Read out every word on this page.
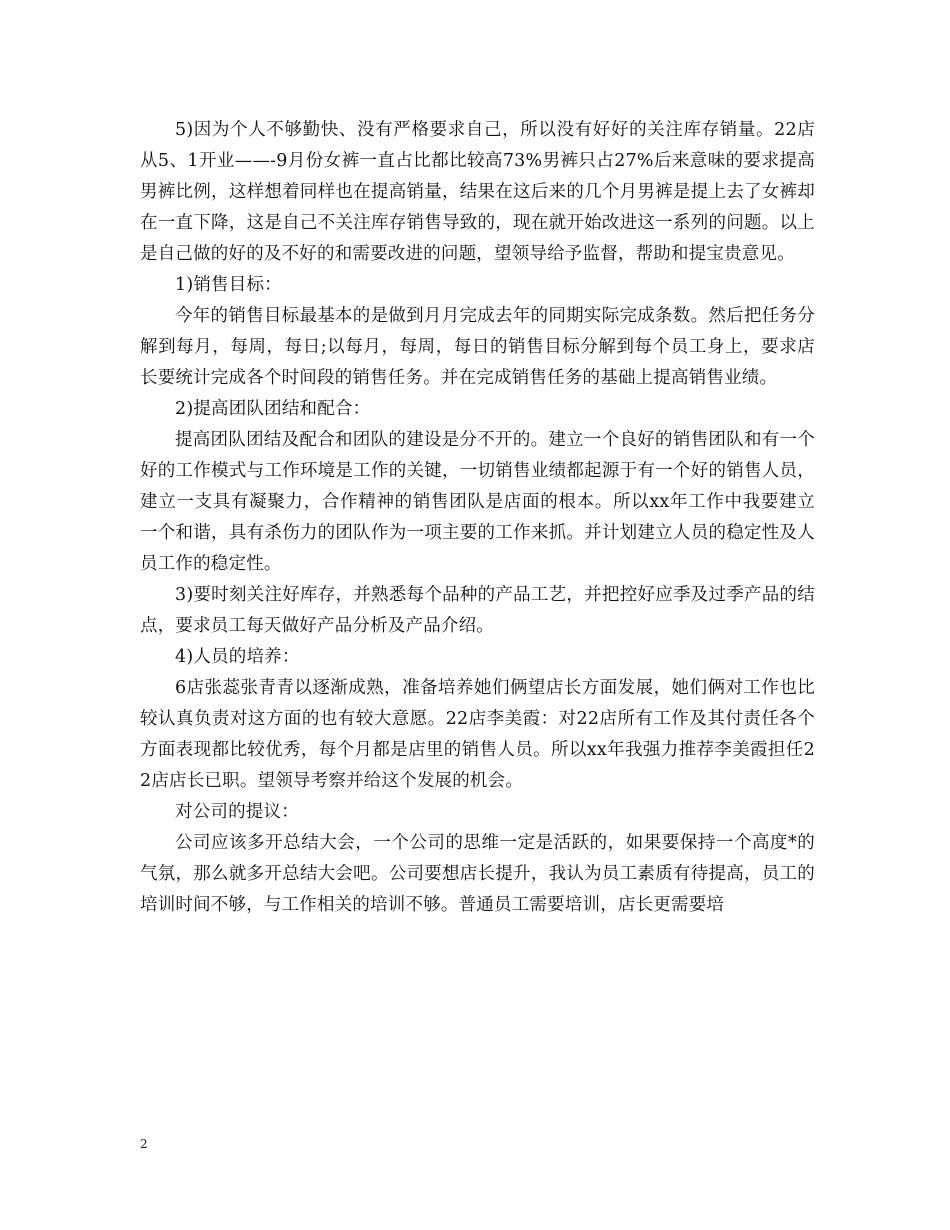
5)因为个人不够勤快、没有严格要求自己，所以没有好好的关注库存销量。22店从5、1开业——-9月份女裤一直占比都比较高73%男裤只占27%后来意味的要求提高男裤比例，这样想着同样也在提高销量，结果在这后来的几个月男裤是提上去了女裤却在一直下降，这是自己不关注库存销售导致的，现在就开始改进这一系列的问题。以上是自己做的好的及不好的和需要改进的问题，望领导给予监督，帮助和提宝贵意见。

1)销售目标：

今年的销售目标最基本的是做到月月完成去年的同期实际完成条数。然后把任务分解到每月，每周，每日;以每月，每周，每日的销售目标分解到每个员工身上，要求店长要统计完成各个时间段的销售任务。并在完成销售任务的基础上提高销售业绩。

2)提高团队团结和配合：

提高团队团结及配合和团队的建设是分不开的。建立一个良好的销售团队和有一个好的工作模式与工作环境是工作的关键，一切销售业绩都起源于有一个好的销售人员，建立一支具有凝聚力，合作精神的销售团队是店面的根本。所以xx年工作中我要建立一个和谐，具有杀伤力的团队作为一项主要的工作来抓。并计划建立人员的稳定性及人员工作的稳定性。

3)要时刻关注好库存，并熟悉每个品种的产品工艺，并把控好应季及过季产品的结点，要求员工每天做好产品分析及产品介绍。

4)人员的培养：

6店张蕊张青青以逐渐成熟，准备培养她们俩望店长方面发展，她们俩对工作也比较认真负责对这方面的也有较大意愿。22店李美霞：对22店所有工作及其付责任各个方面表现都比较优秀，每个月都是店里的销售人员。所以xx年我强力推荐李美霞担任22店店长已职。望领导考察并给这个发展的机会。

对公司的提议：

公司应该多开总结大会，一个公司的思维一定是活跃的，如果要保持一个高度*的气氛，那么就多开总结大会吧。公司要想店长提升，我认为员工素质有待提高，员工的培训时间不够，与工作相关的培训不够。普通员工需要培训，店长更需要培

2
